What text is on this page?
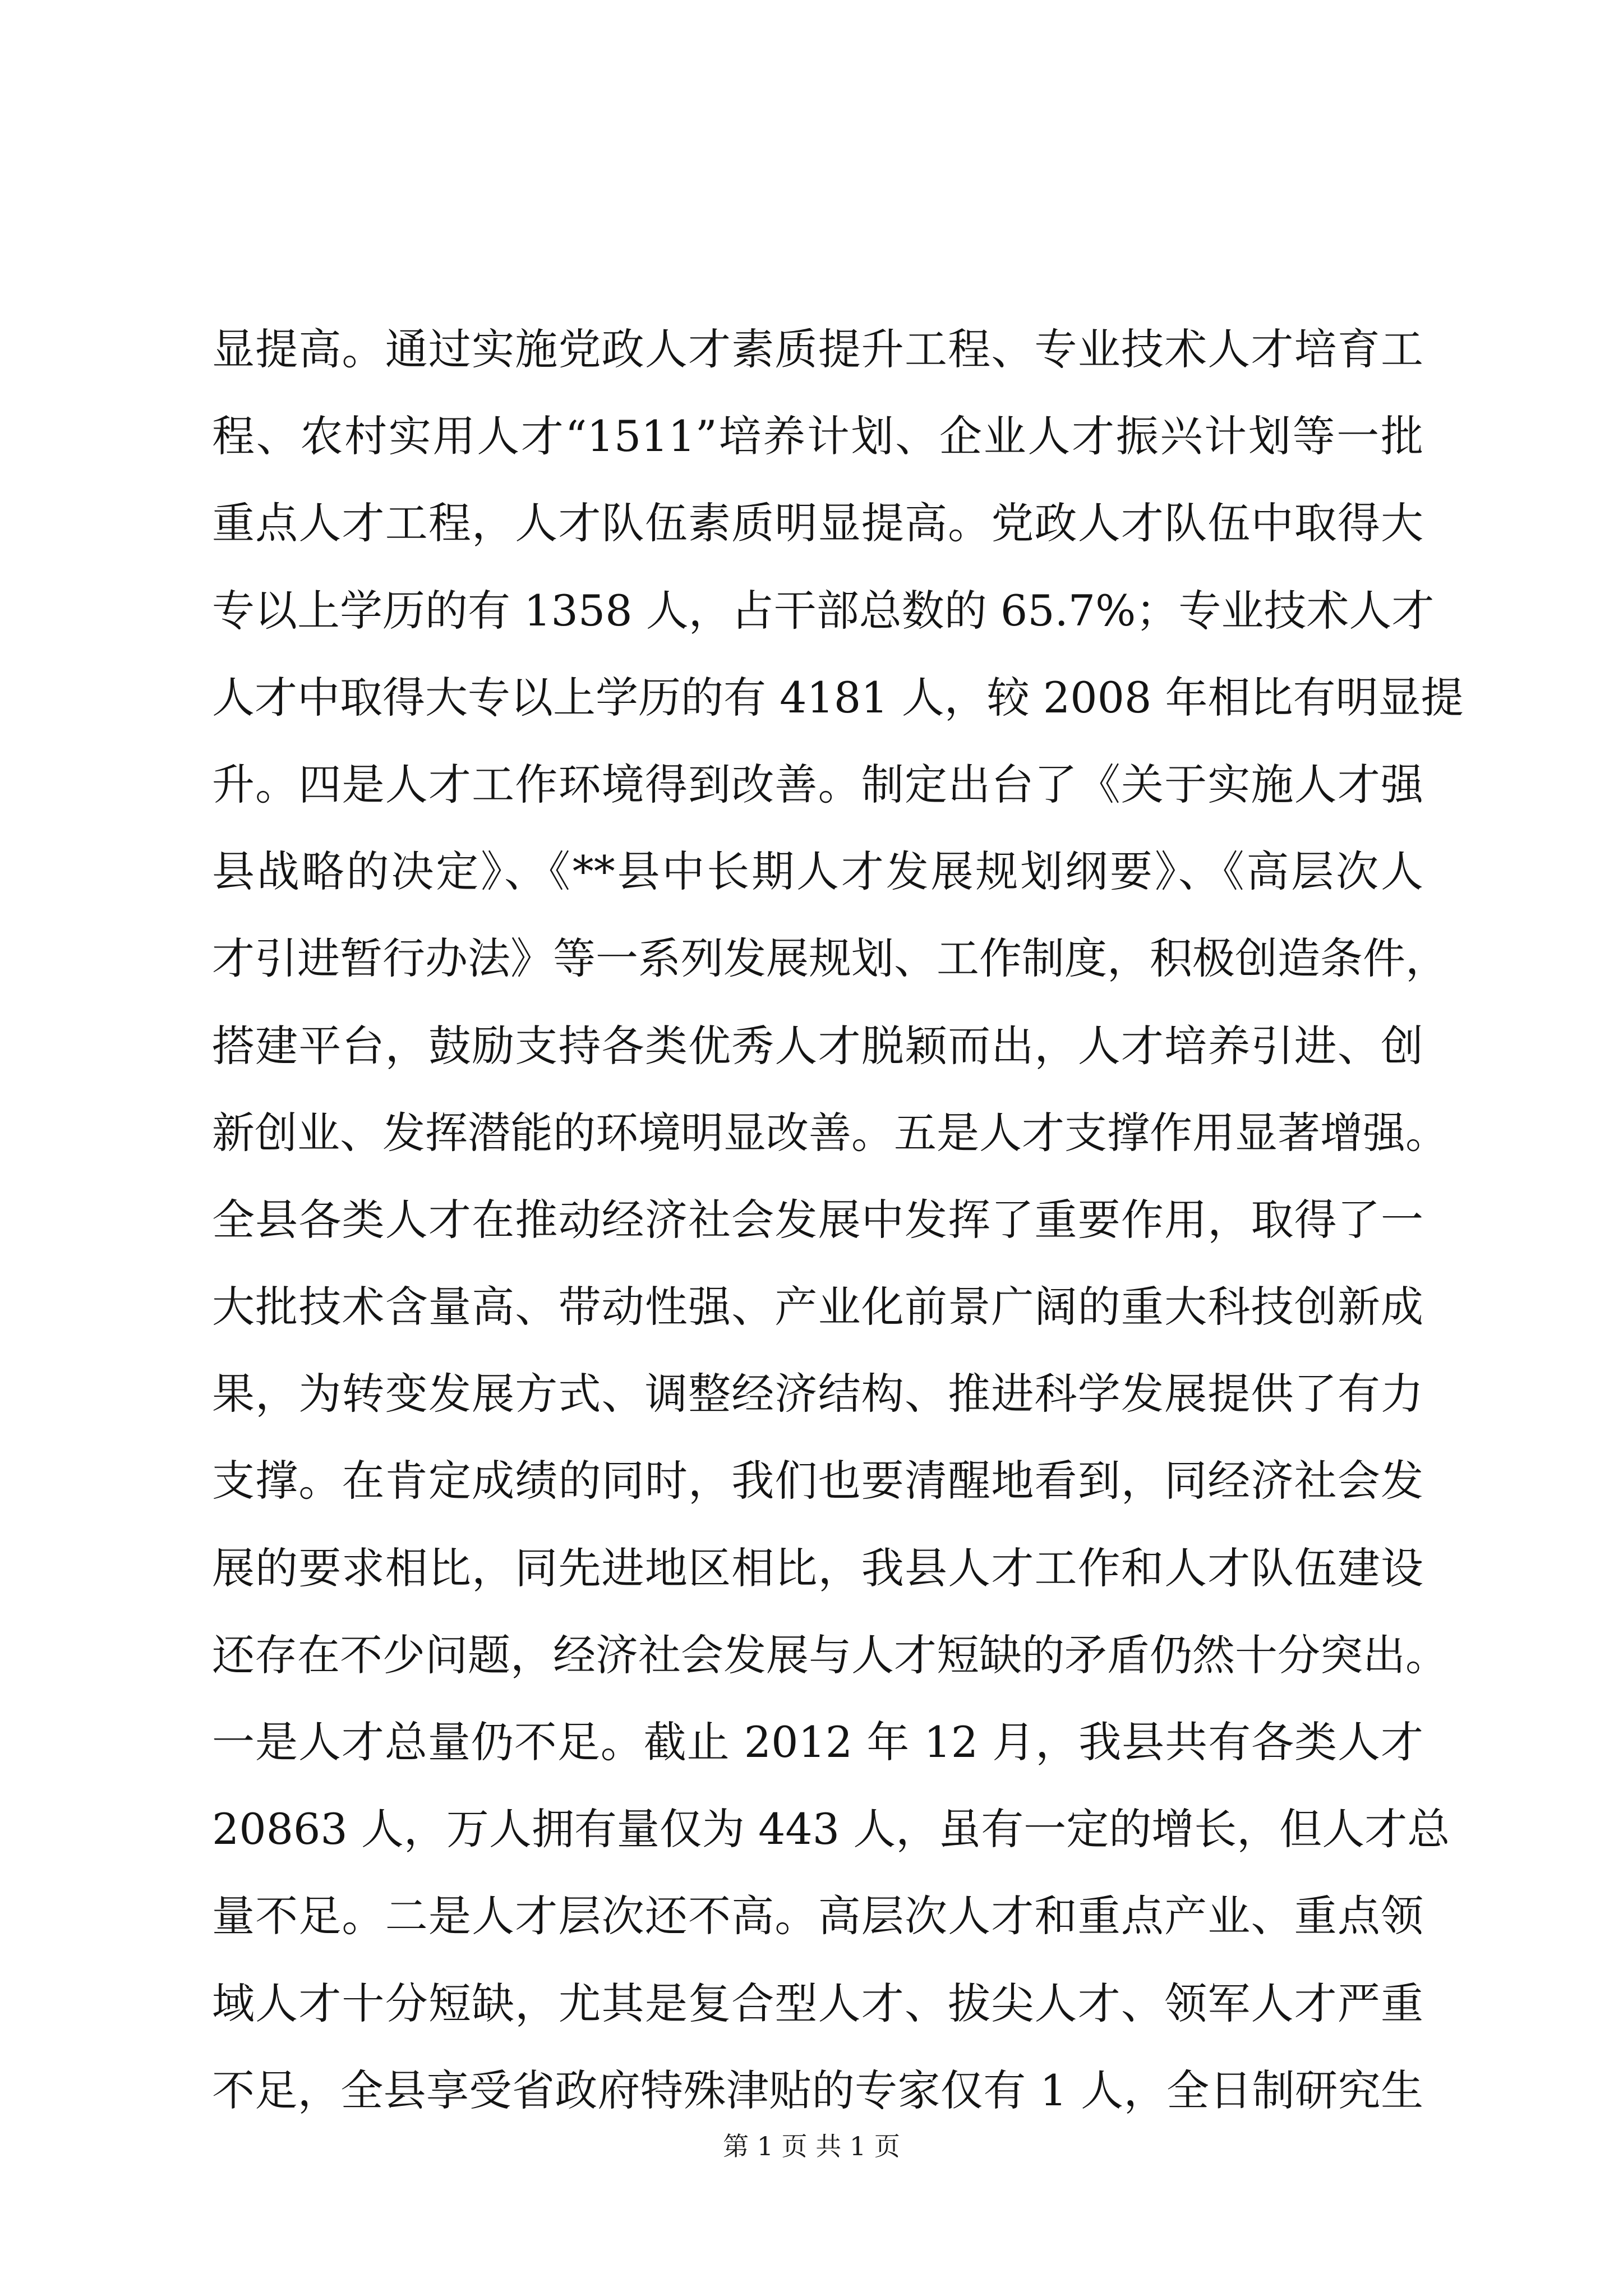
显提高。通过实施党政人才素质提升工程、专业技术人才培育工
程、农村实用人才“1511”培养计划、企业人才振兴计划等一批
重点人才工程，人才队伍素质明显提高。党政人才队伍中取得大
专以上学历的有 1358 人，占干部总数的 65.7%；专业技术人才
人才中取得大专以上学历的有 4181 人，较 2008 年相比有明显提
升。四是人才工作环境得到改善。制定出台了《关于实施人才强
县战略的决定》、《**县中长期人才发展规划纲要》、《高层次人
才引进暂行办法》等一系列发展规划、工作制度，积极创造条件，
搭建平台，鼓励支持各类优秀人才脱颖而出，人才培养引进、创
新创业、发挥潜能的环境明显改善。五是人才支撑作用显著增强。
全县各类人才在推动经济社会发展中发挥了重要作用，取得了一
大批技术含量高、带动性强、产业化前景广阔的重大科技创新成
果，为转变发展方式、调整经济结构、推进科学发展提供了有力
支撑。在肯定成绩的同时，我们也要清醒地看到，同经济社会发
展的要求相比，同先进地区相比，我县人才工作和人才队伍建设
还存在不少问题，经济社会发展与人才短缺的矛盾仍然十分突出。
一是人才总量仍不足。截止 2012 年 12 月，我县共有各类人才
20863 人，万人拥有量仅为 443 人，虽有一定的增长，但人才总
量不足。二是人才层次还不高。高层次人才和重点产业、重点领
域人才十分短缺，尤其是复合型人才、拔尖人才、领军人才严重
不足，全县享受省政府特殊津贴的专家仅有 1 人，全日制研究生
第 1 页 共 1 页
